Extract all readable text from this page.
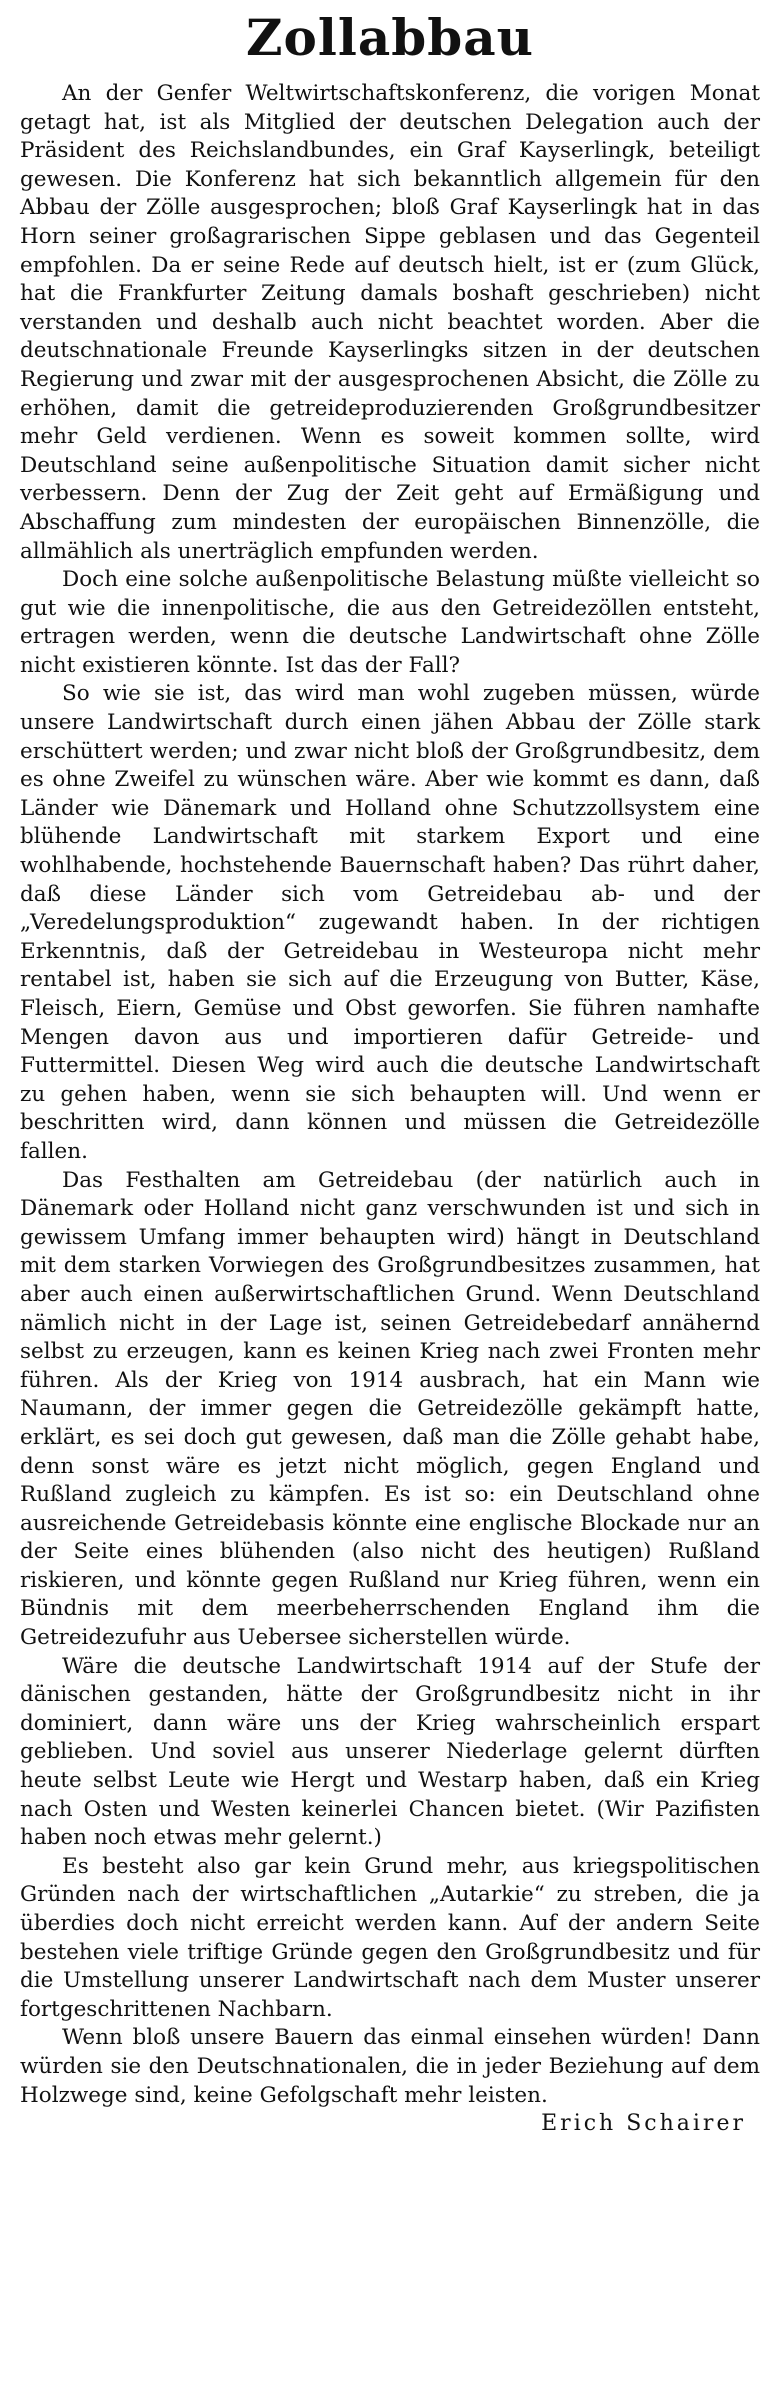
Zollabbau

An der Genfer Weltwirtschaftskonferenz, die vorigen Monat getagt hat, ist als Mitglied der deutschen Delegation auch der Präsident des Reichslandbundes, ein Graf Kayserlingk, beteiligt gewesen. Die Konferenz hat sich bekanntlich allgemein für den Abbau der Zölle ausgesprochen; bloß Graf Kayserlingk hat in das Horn seiner großagrarischen Sippe geblasen und das Gegenteil empfohlen. Da er seine Rede auf deutsch hielt, ist er (zum Glück, hat die Frankfurter Zeitung damals boshaft geschrieben) nicht verstanden und deshalb auch nicht beachtet worden. Aber die deutschnationale Freunde Kayserlingks sitzen in der deutschen Regierung und zwar mit der ausgesprochenen Absicht, die Zölle zu erhöhen, damit die getreideproduzierenden Großgrundbesitzer mehr Geld verdienen. Wenn es soweit kommen sollte, wird Deutschland seine außenpolitische Situation damit sicher nicht verbessern. Denn der Zug der Zeit geht auf Ermäßigung und Abschaffung zum mindesten der europäischen Binnenzölle, die allmählich als unerträglich empfunden werden.

Doch eine solche außenpolitische Belastung müßte vielleicht so gut wie die innenpolitische, die aus den Getreidezöllen entsteht, ertragen werden, wenn die deutsche Landwirtschaft ohne Zölle nicht existieren könnte. Ist das der Fall?

So wie sie ist, das wird man wohl zugeben müssen, würde unsere Landwirtschaft durch einen jähen Abbau der Zölle stark erschüttert werden; und zwar nicht bloß der Großgrundbesitz, dem es ohne Zweifel zu wünschen wäre. Aber wie kommt es dann, daß Länder wie Dänemark und Holland ohne Schutzzollsystem eine blühende Landwirtschaft mit starkem Export und eine wohlhabende, hochstehende Bauernschaft haben? Das rührt daher, daß diese Länder sich vom Getreidebau ab- und der „Veredelungsproduktion“ zugewandt haben. In der richtigen Erkenntnis, daß der Getreidebau in Westeuropa nicht mehr rentabel ist, haben sie sich auf die Erzeugung von Butter, Käse, Fleisch, Eiern, Gemüse und Obst geworfen. Sie führen namhafte Mengen davon aus und importieren dafür Getreide- und Futtermittel. Diesen Weg wird auch die deutsche Landwirtschaft zu gehen haben, wenn sie sich behaupten will. Und wenn er beschritten wird, dann können und müssen die Getreidezölle fallen.

Das Festhalten am Getreidebau (der natürlich auch in Dänemark oder Holland nicht ganz verschwunden ist und sich in gewissem Umfang immer behaupten wird) hängt in Deutschland mit dem starken Vorwiegen des Großgrundbesitzes zusammen, hat aber auch einen außerwirtschaftlichen Grund. Wenn Deutschland nämlich nicht in der Lage ist, seinen Getreidebedarf annähernd selbst zu erzeugen, kann es keinen Krieg nach zwei Fronten mehr führen. Als der Krieg von 1914 ausbrach, hat ein Mann wie Naumann, der immer gegen die Getreidezölle gekämpft hatte, erklärt, es sei doch gut gewesen, daß man die Zölle gehabt habe, denn sonst wäre es jetzt nicht möglich, gegen England und Rußland zugleich zu kämpfen. Es ist so: ein Deutschland ohne ausreichende Getreidebasis könnte eine englische Blockade nur an der Seite eines blühenden (also nicht des heutigen) Rußland riskieren, und könnte gegen Rußland nur Krieg führen, wenn ein Bündnis mit dem meerbeherrschenden England ihm die Getreidezufuhr aus Uebersee sicherstellen würde.

Wäre die deutsche Landwirtschaft 1914 auf der Stufe der dänischen gestanden, hätte der Großgrundbesitz nicht in ihr dominiert, dann wäre uns der Krieg wahrscheinlich erspart geblieben. Und soviel aus unserer Niederlage gelernt dürften heute selbst Leute wie Hergt und Westarp haben, daß ein Krieg nach Osten und Westen keinerlei Chancen bietet. (Wir Pazifisten haben noch etwas mehr gelernt.)

Es besteht also gar kein Grund mehr, aus kriegspolitischen Gründen nach der wirtschaftlichen „Autarkie“ zu streben, die ja überdies doch nicht erreicht werden kann. Auf der andern Seite bestehen viele triftige Gründe gegen den Großgrundbesitz und für die Umstellung unserer Landwirtschaft nach dem Muster unserer fortgeschrittenen Nachbarn.

Wenn bloß unsere Bauern das einmal einsehen würden! Dann würden sie den Deutschnationalen, die in jeder Beziehung auf dem Holzwege sind, keine Gefolgschaft mehr leisten.

Erich Schairer
